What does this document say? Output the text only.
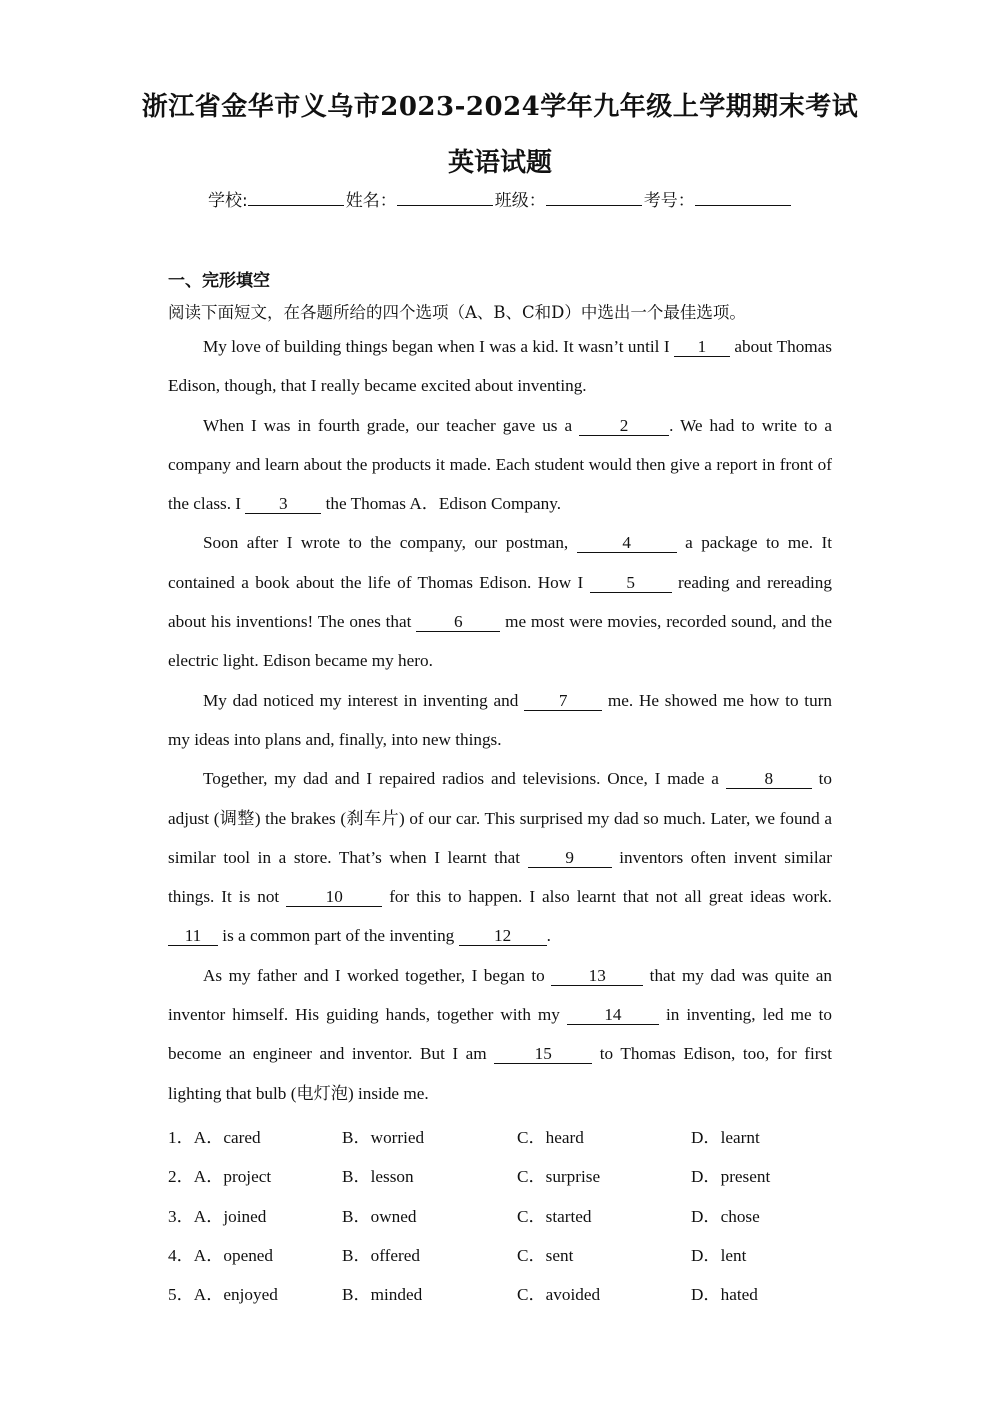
浙江省金华市义乌市2023-2024学年九年级上学期期末考试
英语试题
学校:	姓名：	班级：	考号：
一、完形填空
阅读下面短文，在各题所给的四个选项（A、B、C和D）中选出一个最佳选项。

My love of building things began when I was a kid. It wasn’t until I 1 about Thomas Edison, though, that I really became excited about inventing.

When I was in fourth grade, our teacher gave us a 2 . We had to write to a company and learn about the products it made. Each student would then give a report in front of the class. I 3 the Thomas A．Edison Company.

Soon after I wrote to the company, our postman,	4	a package to me. It contained a book about the life of Thomas Edison. How I 5 reading and rereading about his inventions! The ones that 6 me most were movies, recorded sound, and the electric light. Edison became my hero.

My dad noticed my interest in inventing and 7 me. He showed me how to turn my ideas into plans and, finally, into new things.

Together, my dad and I repaired radios and televisions. Once, I made a 8 to adjust (调整) the brakes (刹车片) of our car. This surprised my dad so much. Later, we found a similar tool in a store. That’s when I learnt that 9 inventors often invent similar things. It is not 10 for this to happen. I also learnt that not all great ideas work. 11 is a common part of the inventing 12 .

As my father and I worked together, I began to 13 that my dad was quite an inventor himself. His guiding hands, together with my 14 in inventing, led me to become an engineer and inventor. But I am 15 to Thomas Edison, too, for first lighting that bulb (电灯泡) inside me.

1．A．cared	B．worried	C．heard	D．learnt
2．A．project	B．lesson	C．surprise	D．present
3．A．joined	B．owned	C．started	D．chose
4．A．opened	B．offered	C．sent	D．lent
5．A．enjoyed	B．minded	C．avoided	D．hated
